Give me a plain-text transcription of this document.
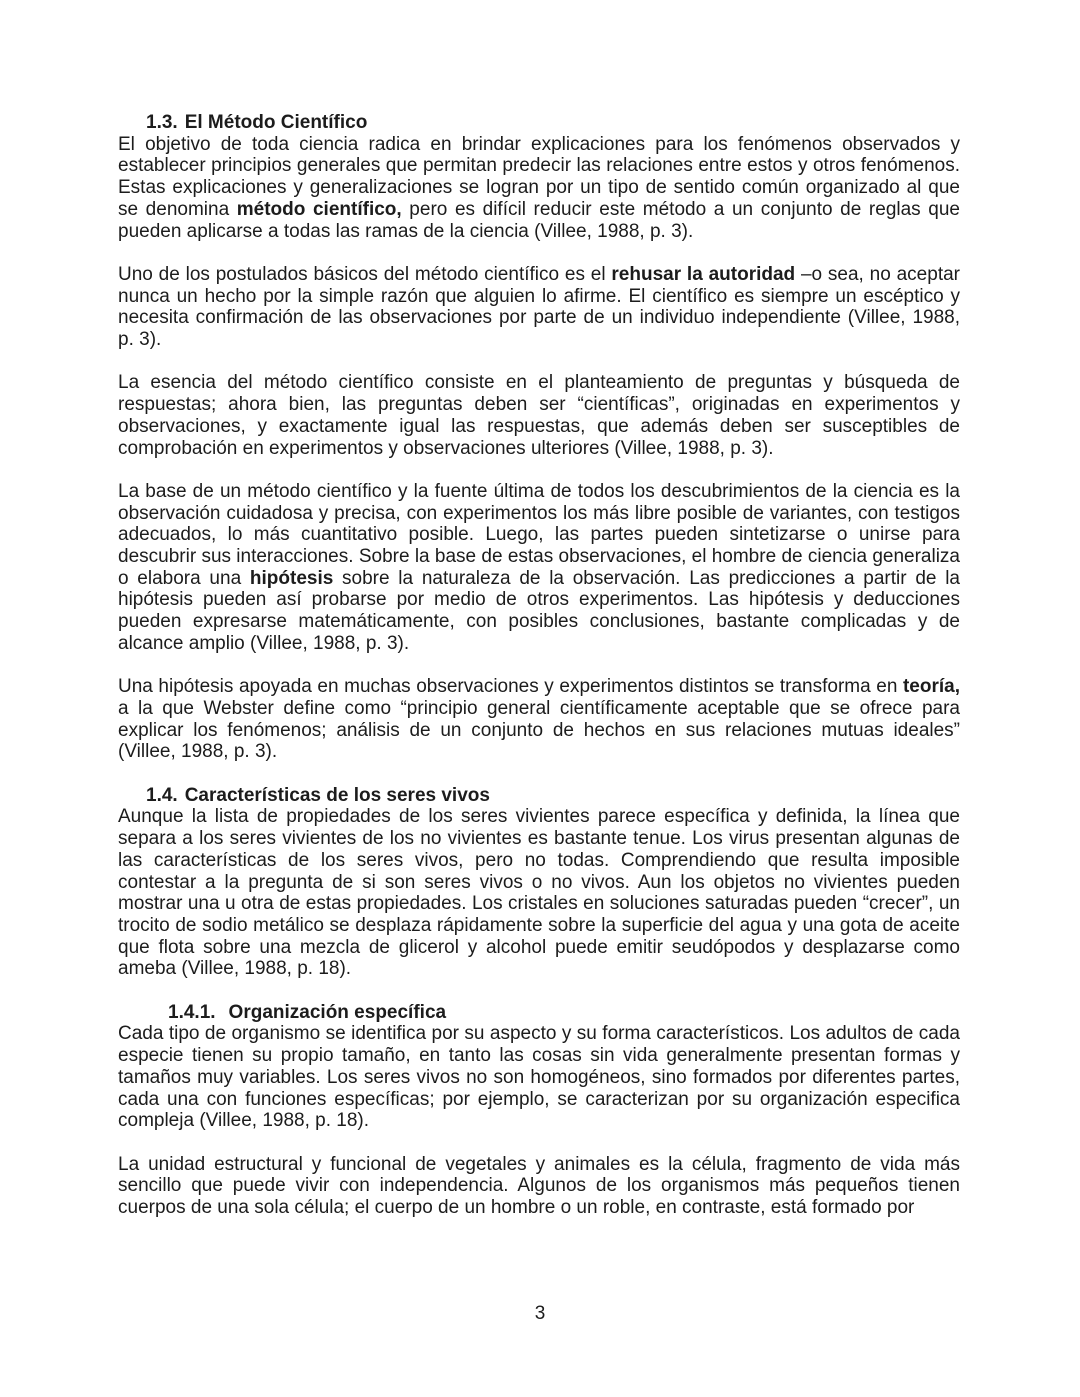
1.3. El Método Científico

El objetivo de toda ciencia radica en brindar explicaciones para los fenómenos observados y establecer principios generales que permitan predecir las relaciones entre estos y otros fenómenos. Estas explicaciones y generalizaciones se logran por un tipo de sentido común organizado al que se denomina método científico, pero es difícil reducir este método a un conjunto de reglas que pueden aplicarse a todas las ramas de la ciencia (Villee, 1988, p. 3).

Uno de los postulados básicos del método científico es el rehusar la autoridad –o sea, no aceptar nunca un hecho por la simple razón que alguien lo afirme. El científico es siempre un escéptico y necesita confirmación de las observaciones por parte de un individuo independiente (Villee, 1988, p. 3).

La esencia del método científico consiste en el planteamiento de preguntas y búsqueda de respuestas; ahora bien, las preguntas deben ser “científicas”, originadas en experimentos y observaciones, y exactamente igual las respuestas, que además deben ser susceptibles de comprobación en experimentos y observaciones ulteriores (Villee, 1988, p. 3).

La base de un método científico y la fuente última de todos los descubrimientos de la ciencia es la observación cuidadosa y precisa, con experimentos los más libre posible de variantes, con testigos adecuados, lo más cuantitativo posible. Luego, las partes pueden sintetizarse o unirse para descubrir sus interacciones. Sobre la base de estas observaciones, el hombre de ciencia generaliza o elabora una hipótesis sobre la naturaleza de la observación. Las predicciones a partir de la hipótesis pueden así probarse por medio de otros experimentos. Las hipótesis y deducciones pueden expresarse matemáticamente, con posibles conclusiones, bastante complicadas y de alcance amplio (Villee, 1988, p. 3).

Una hipótesis apoyada en muchas observaciones y experimentos distintos se transforma en teoría, a la que Webster define como “principio general científicamente aceptable que se ofrece para explicar los fenómenos; análisis de un conjunto de hechos en sus relaciones mutuas ideales” (Villee, 1988, p. 3).

1.4. Características de los seres vivos

Aunque la lista de propiedades de los seres vivientes parece específica y definida, la línea que separa a los seres vivientes de los no vivientes es bastante tenue. Los virus presentan algunas de las características de los seres vivos, pero no todas. Comprendiendo que resulta imposible contestar a la pregunta de si son seres vivos o no vivos. Aun los objetos no vivientes pueden mostrar una u otra de estas propiedades. Los cristales en soluciones saturadas pueden “crecer”, un trocito de sodio metálico se desplaza rápidamente sobre la superficie del agua y una gota de aceite que flota sobre una mezcla de glicerol y alcohol puede emitir seudópodos y desplazarse como ameba (Villee, 1988, p. 18).

1.4.1. Organización específica

Cada tipo de organismo se identifica por su aspecto y su forma característicos. Los adultos de cada especie tienen su propio tamaño, en tanto las cosas sin vida generalmente presentan formas y tamaños muy variables. Los seres vivos no son homogéneos, sino formados por diferentes partes, cada una con funciones específicas; por ejemplo, se caracterizan por su organización especifica compleja (Villee, 1988, p. 18).

La unidad estructural y funcional de vegetales y animales es la célula, fragmento de vida más sencillo que puede vivir con independencia. Algunos de los organismos más pequeños tienen cuerpos de una sola célula; el cuerpo de un hombre o un roble, en contraste, está formado por

3
